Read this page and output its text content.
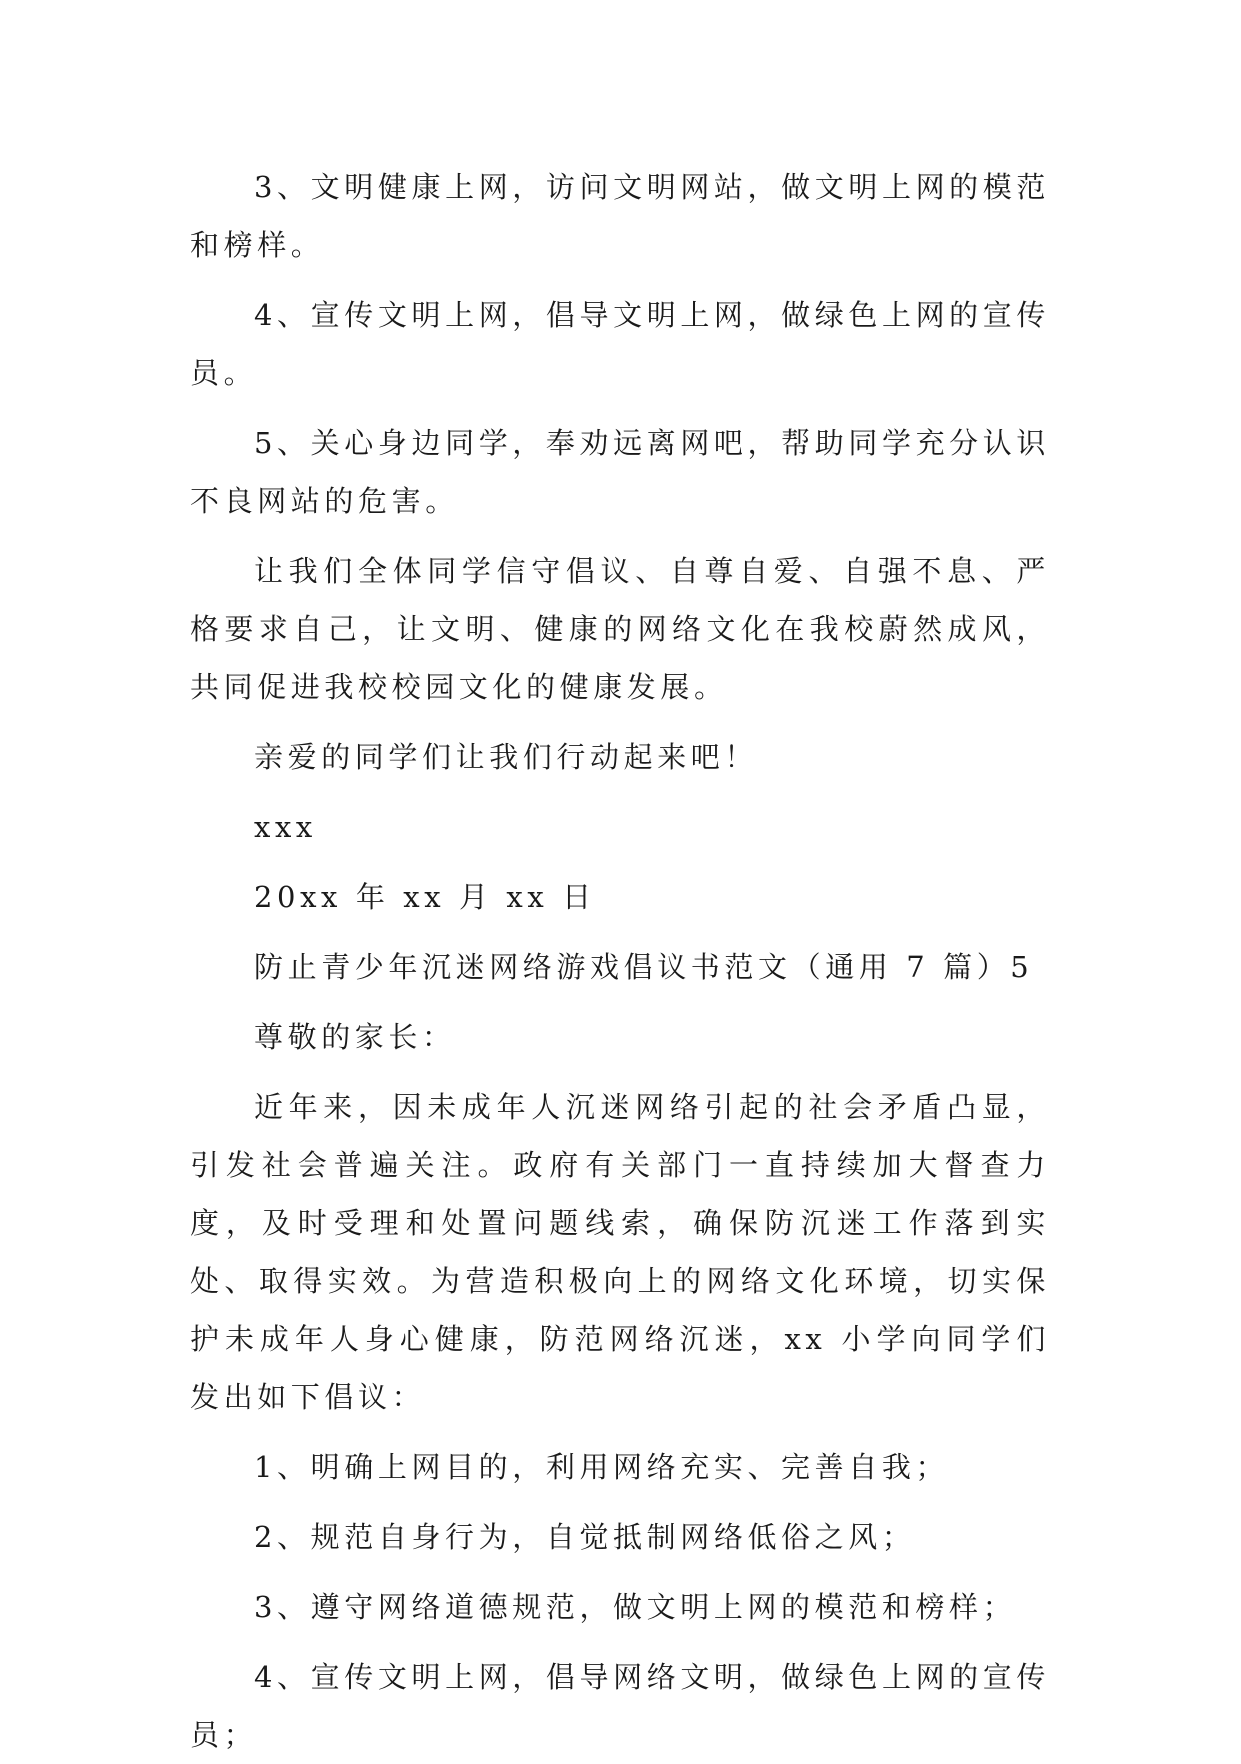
3、文明健康上网，访问文明网站，做文明上网的模范和榜样。

4、宣传文明上网，倡导文明上网，做绿色上网的宣传员。

5、关心身边同学，奉劝远离网吧，帮助同学充分认识不良网站的危害。

让我们全体同学信守倡议、自尊自爱、自强不息、严格要求自己，让文明、健康的网络文化在我校蔚然成风，共同促进我校校园文化的健康发展。

亲爱的同学们让我们行动起来吧！

xxx

20xx 年 xx 月 xx 日

防止青少年沉迷网络游戏倡议书范文（通用 7 篇）5

尊敬的家长：

近年来，因未成年人沉迷网络引起的社会矛盾凸显，引发社会普遍关注。政府有关部门一直持续加大督查力度，及时受理和处置问题线索，确保防沉迷工作落到实处、取得实效。为营造积极向上的网络文化环境，切实保护未成年人身心健康，防范网络沉迷，xx 小学向同学们发出如下倡议：

1、明确上网目的，利用网络充实、完善自我；

2、规范自身行为，自觉抵制网络低俗之风；

3、遵守网络道德规范，做文明上网的模范和榜样；

4、宣传文明上网，倡导网络文明，做绿色上网的宣传员；
